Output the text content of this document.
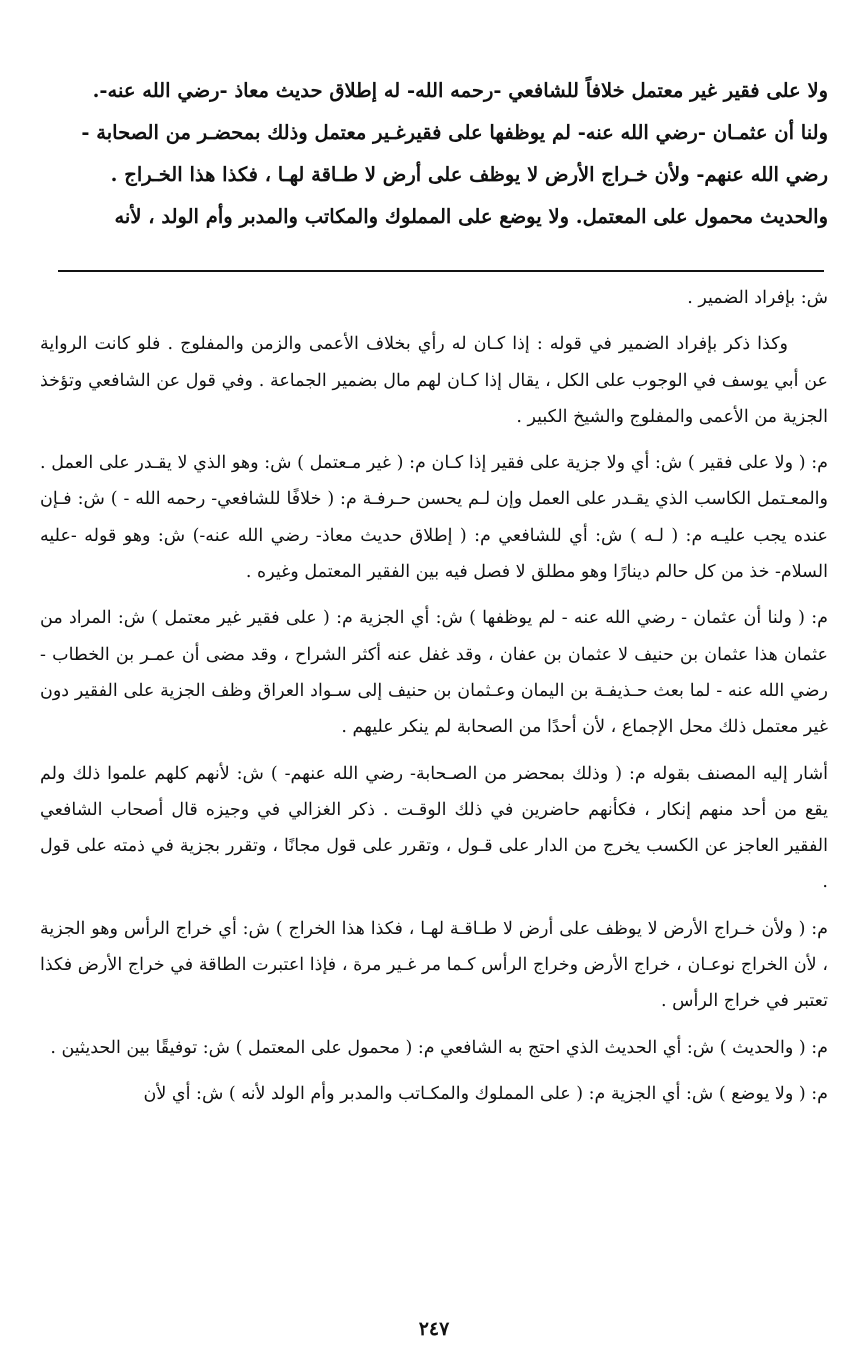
ولا على فقير غير معتمل خلافاً للشافعي -رحمه الله- له إطلاق حديث معاذ -رضي الله عنه-.

ولنا أن عثمـان -رضي الله عنه- لم يوظفها على فقيرغـير معتمل وذلك بمحضـر من الصحابة -

رضي الله عنهم- ولأن خـراج الأرض لا يوظف على أرض لا طـاقة لهـا ، فكذا هذا الخـراج .

والحديث محمول على المعتمل. ولا يوضع على المملوك والمكاتب والمدبر وأم الولد ، لأنه

ش: بإفراد الضمير .

وكذا ذكر بإفراد الضمير في قوله : إذا كـان له رأي بخلاف الأعمى والزمن والمفلوج . فلو كانت الرواية عن أبي يوسف في الوجوب على الكل ، يقال إذا كـان لهم مال بضمير الجماعة . وفي قول عن الشافعي وتؤخذ الجزية من الأعمى والمفلوج والشيخ الكبير .

م: ( ولا على فقير ) ش: أي ولا جزية على فقير إذا كـان م: ( غير مـعتمل ) ش: وهو الذي لا يقـدر على العمل . والمعـتمل الكاسب الذي يقـدر على العمل وإن لـم يحسن حـرفـة م: ( خلافًا للشافعي- رحمه الله - ) ش: فـإن عنده يجب عليـه م: ( لـه ) ش: أي للشافعي م: ( إطلاق حديث معاذ- رضي الله عنه-) ش: وهو قوله -عليه السلام- خذ من كل حالم دينارًا وهو مطلق لا فصل فيه بين الفقير المعتمل وغيره .

م: ( ولنا أن عثمان - رضي الله عنه - لم يوظفها ) ش: أي الجزية م: ( على فقير غير معتمل ) ش: المراد من عثمان هذا عثمان بن حنيف لا عثمان بن عفان ، وقد غفل عنه أكثر الشراح ، وقد مضى أن عمـر بن الخطاب - رضي الله عنه - لما بعث حـذيفـة بن اليمان وعـثمان بن حنيف إلى سـواد العراق وظف الجزية على الفقير دون غير معتمل ذلك محل الإجماع ، لأن أحدًا من الصحابة لم ينكر عليهم .

أشار إليه المصنف بقوله م: ( وذلك بمحضر من الصـحابة- رضي الله عنهم- ) ش: لأنهم كلهم علموا ذلك ولم يقع من أحد منهم إنكار ، فكأنهم حاضرين في ذلك الوقـت . ذكر الغزالي في وجيزه قال أصحاب الشافعي الفقير العاجز عن الكسب يخرج من الدار على قـول ، وتقرر على قول مجانًا ، وتقرر بجزية في ذمته على قول .

م: ( ولأن خـراج الأرض لا يوظف على أرض لا طـاقـة لهـا ، فكذا هذا الخراج ) ش: أي خراج الرأس وهو الجزية ، لأن الخراج نوعـان ، خراج الأرض وخراج الرأس كـما مر غـير مرة ، فإذا اعتبرت الطاقة في خراج الأرض فكذا تعتبر في خراج الرأس .

م: ( والحديث ) ش: أي الحديث الذي احتج به الشافعي م: ( محمول على المعتمل ) ش: توفيقًا بين الحديثين .

م: ( ولا يوضع ) ش: أي الجزية م: ( على المملوك والمكـاتب والمدبر وأم الولد لأنه ) ش: أي لأن

٢٤٧
